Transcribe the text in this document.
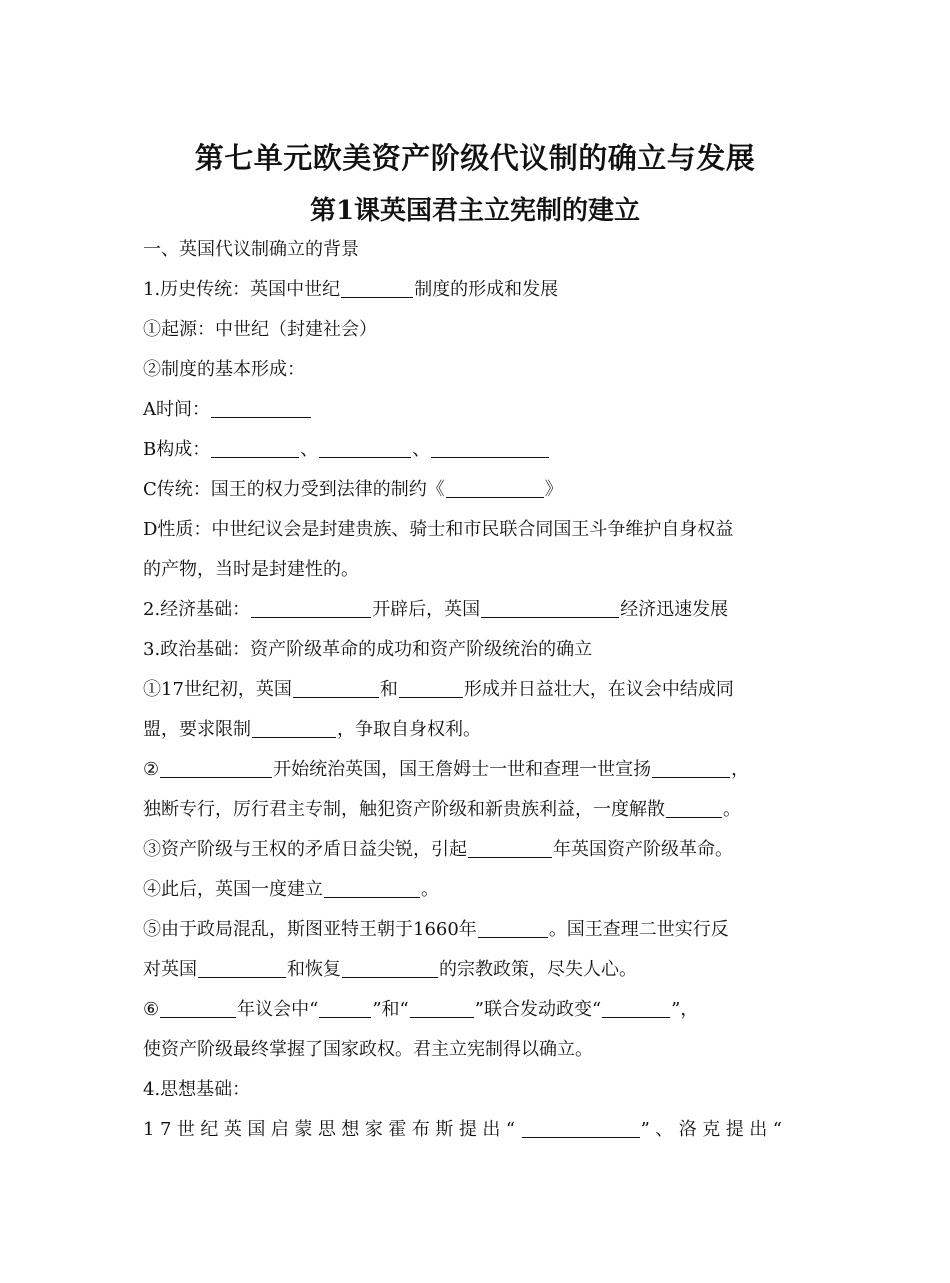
第七单元欧美资产阶级代议制的确立与发展
第1课英国君主立宪制的建立
一、英国代议制确立的背景
1.历史传统：英国中世纪	制度的形成和发展
①起源：中世纪（封建社会）
②制度的基本形成：
A时间：
B构成：	、	、
C传统：国王的权力受到法律的制约《	》
D性质：中世纪议会是封建贵族、骑士和市民联合同国王斗争维护自身权益
的产物，当时是封建性的。
2.经济基础：	开辟后，英国	经济迅速发展
3.政治基础：资产阶级革命的成功和资产阶级统治的确立
①17世纪初，英国	和	形成并日益壮大，在议会中结成同
盟，要求限制	，争取自身权利。
②	开始统治英国，国王詹姆士一世和查理一世宣扬	，
独断专行，厉行君主专制，触犯资产阶级和新贵族利益，一度解散	。
③资产阶级与王权的矛盾日益尖锐，引起	年英国资产阶级革命。
④此后，英国一度建立	。
⑤由于政局混乱，斯图亚特王朝于1660年	。国王查理二世实行反
对英国	和恢复	的宗教政策，尽失人心。
⑥	年议会中“	”和“	”联合发动政变“	”，
使资产阶级最终掌握了国家政权。君主立宪制得以确立。
4.思想基础：
17世纪英国启蒙思想家霍布斯提出“	”、洛克提出“
